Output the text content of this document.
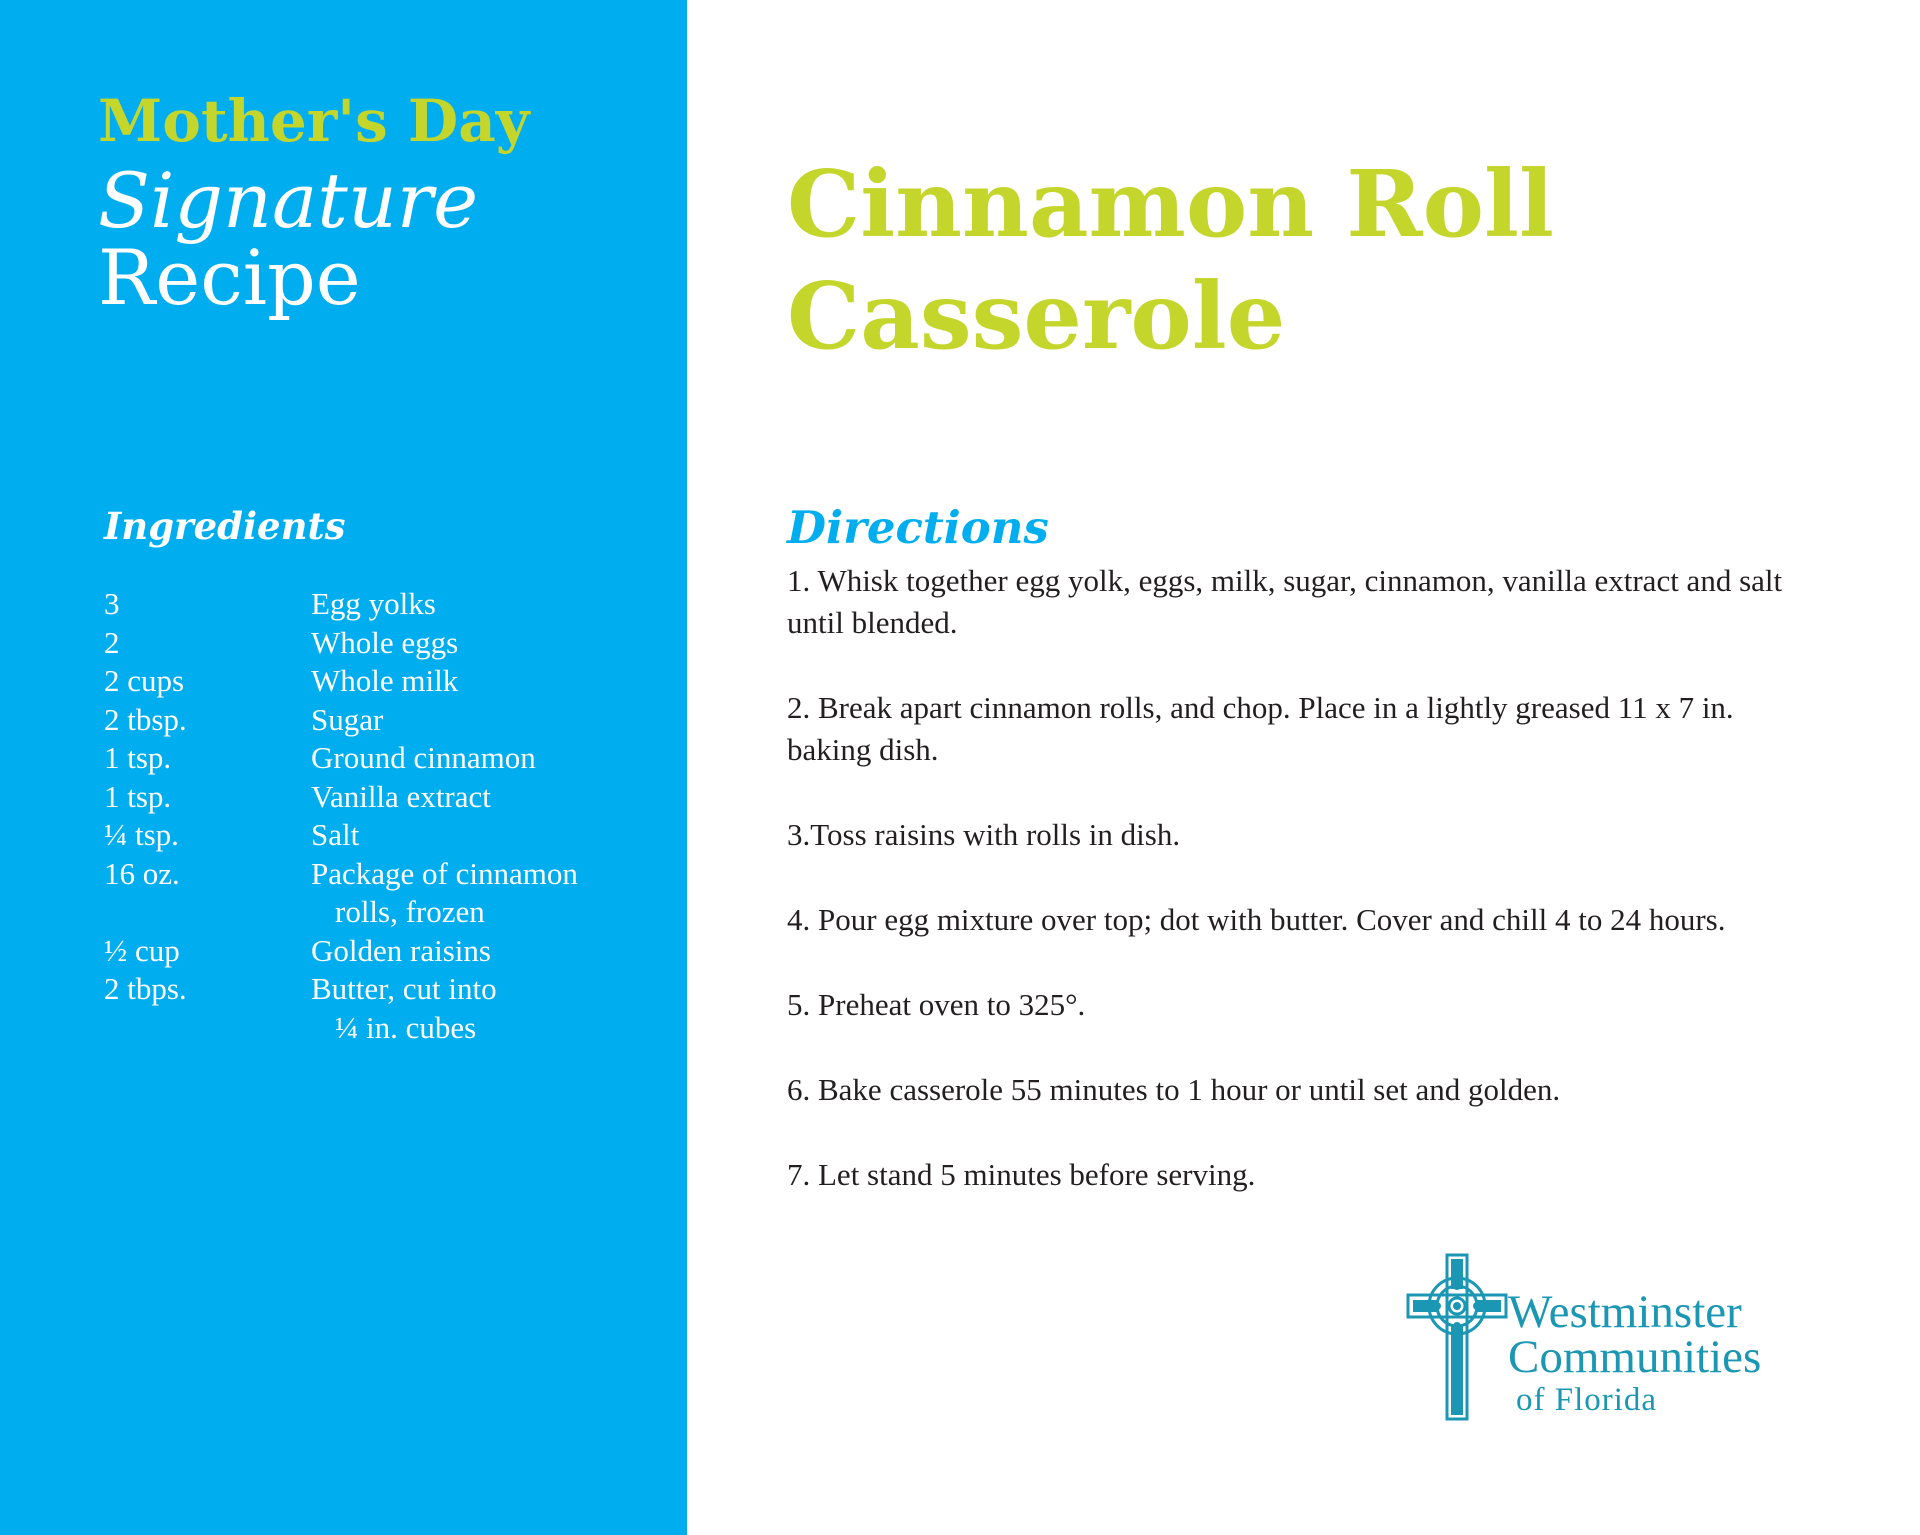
Mother's Day
Signature
Recipe
Ingredients
3	Egg yolks
2	Whole eggs
2 cups	Whole milk
2 tbsp.	Sugar
1 tsp.	Ground cinnamon
1 tsp.	Vanilla extract
¼ tsp.	Salt
16 oz.	Package of cinnamon
rolls, frozen
½ cup	Golden raisins
2 tbps.	Butter, cut into
¼ in. cubes
Cinnamon Roll
Casserole
Directions
1. Whisk together egg yolk, eggs, milk, sugar, cinnamon, vanilla extract and salt until blended.
2. Break apart cinnamon rolls, and chop. Place in a lightly greased 11 x 7 in. baking dish.
3.Toss raisins with rolls in dish.
4. Pour egg mixture over top; dot with butter. Cover and chill 4 to 24 hours.
5. Preheat oven to 325°.
6. Bake casserole 55 minutes to 1 hour or until set and golden.
7. Let stand 5 minutes before serving.
Westminster
Communities
of Florida
